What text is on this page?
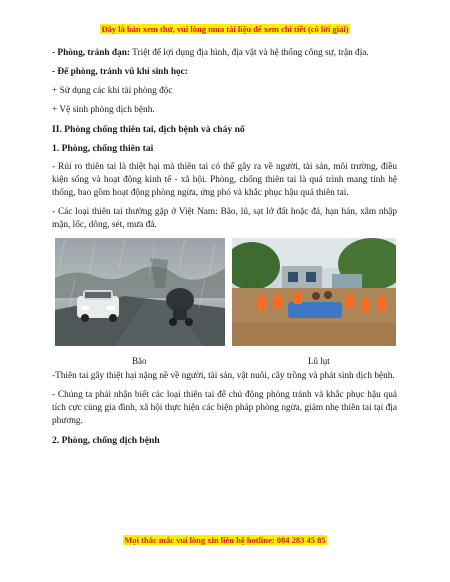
Đây là bản xem thử, vui lòng mua tài liệu để xem chi tiết (có lời giải)

- Phòng, tránh đạn: Triệt để lợi dụng địa hình, địa vật và hệ thống công sự, trận địa.

- Để phòng, tránh vũ khí sinh học:

+ Sử dụng các khí tài phòng độc

+ Vệ sinh phòng dịch bệnh.

II. Phòng chống thiên tai, dịch bệnh và cháy nổ

1. Phòng, chống thiên tai

- Rủi ro thiên tai là thiệt hại mà thiên tai có thể gây ra về người, tài sản, môi trường, điều kiện sống và hoạt động kinh tế - xã hội. Phòng, chống thiên tai là quá trình mang tính hệ thống, bao gồm hoạt động phòng ngừa, ứng phó và khắc phục hậu quả thiên tai.

- Các loại thiên tai thường gặp ở Việt Nam: Bão, lũ, sạt lở đất hoặc đá, hạn hán, xâm nhập mặn, lốc, dông, sét, mưa đá.

Bão	Lũ lụt

-Thiên tai gây thiệt hại nặng nề về người, tài sản, vật nuôi, cây trồng và phát sinh dịch bệnh.

- Chúng ta phải nhận biết các loại thiên tai để chủ động phòng tránh và khắc phục hậu quả tích cực cùng gia đình, xã hội thực hiện các biện pháp phòng ngừa, giảm nhẹ thiên tai tại địa phương.

2. Phòng, chống dịch bệnh

Mọi thắc mắc vui lòng xin liên hệ hotline: 084 283 45 85
